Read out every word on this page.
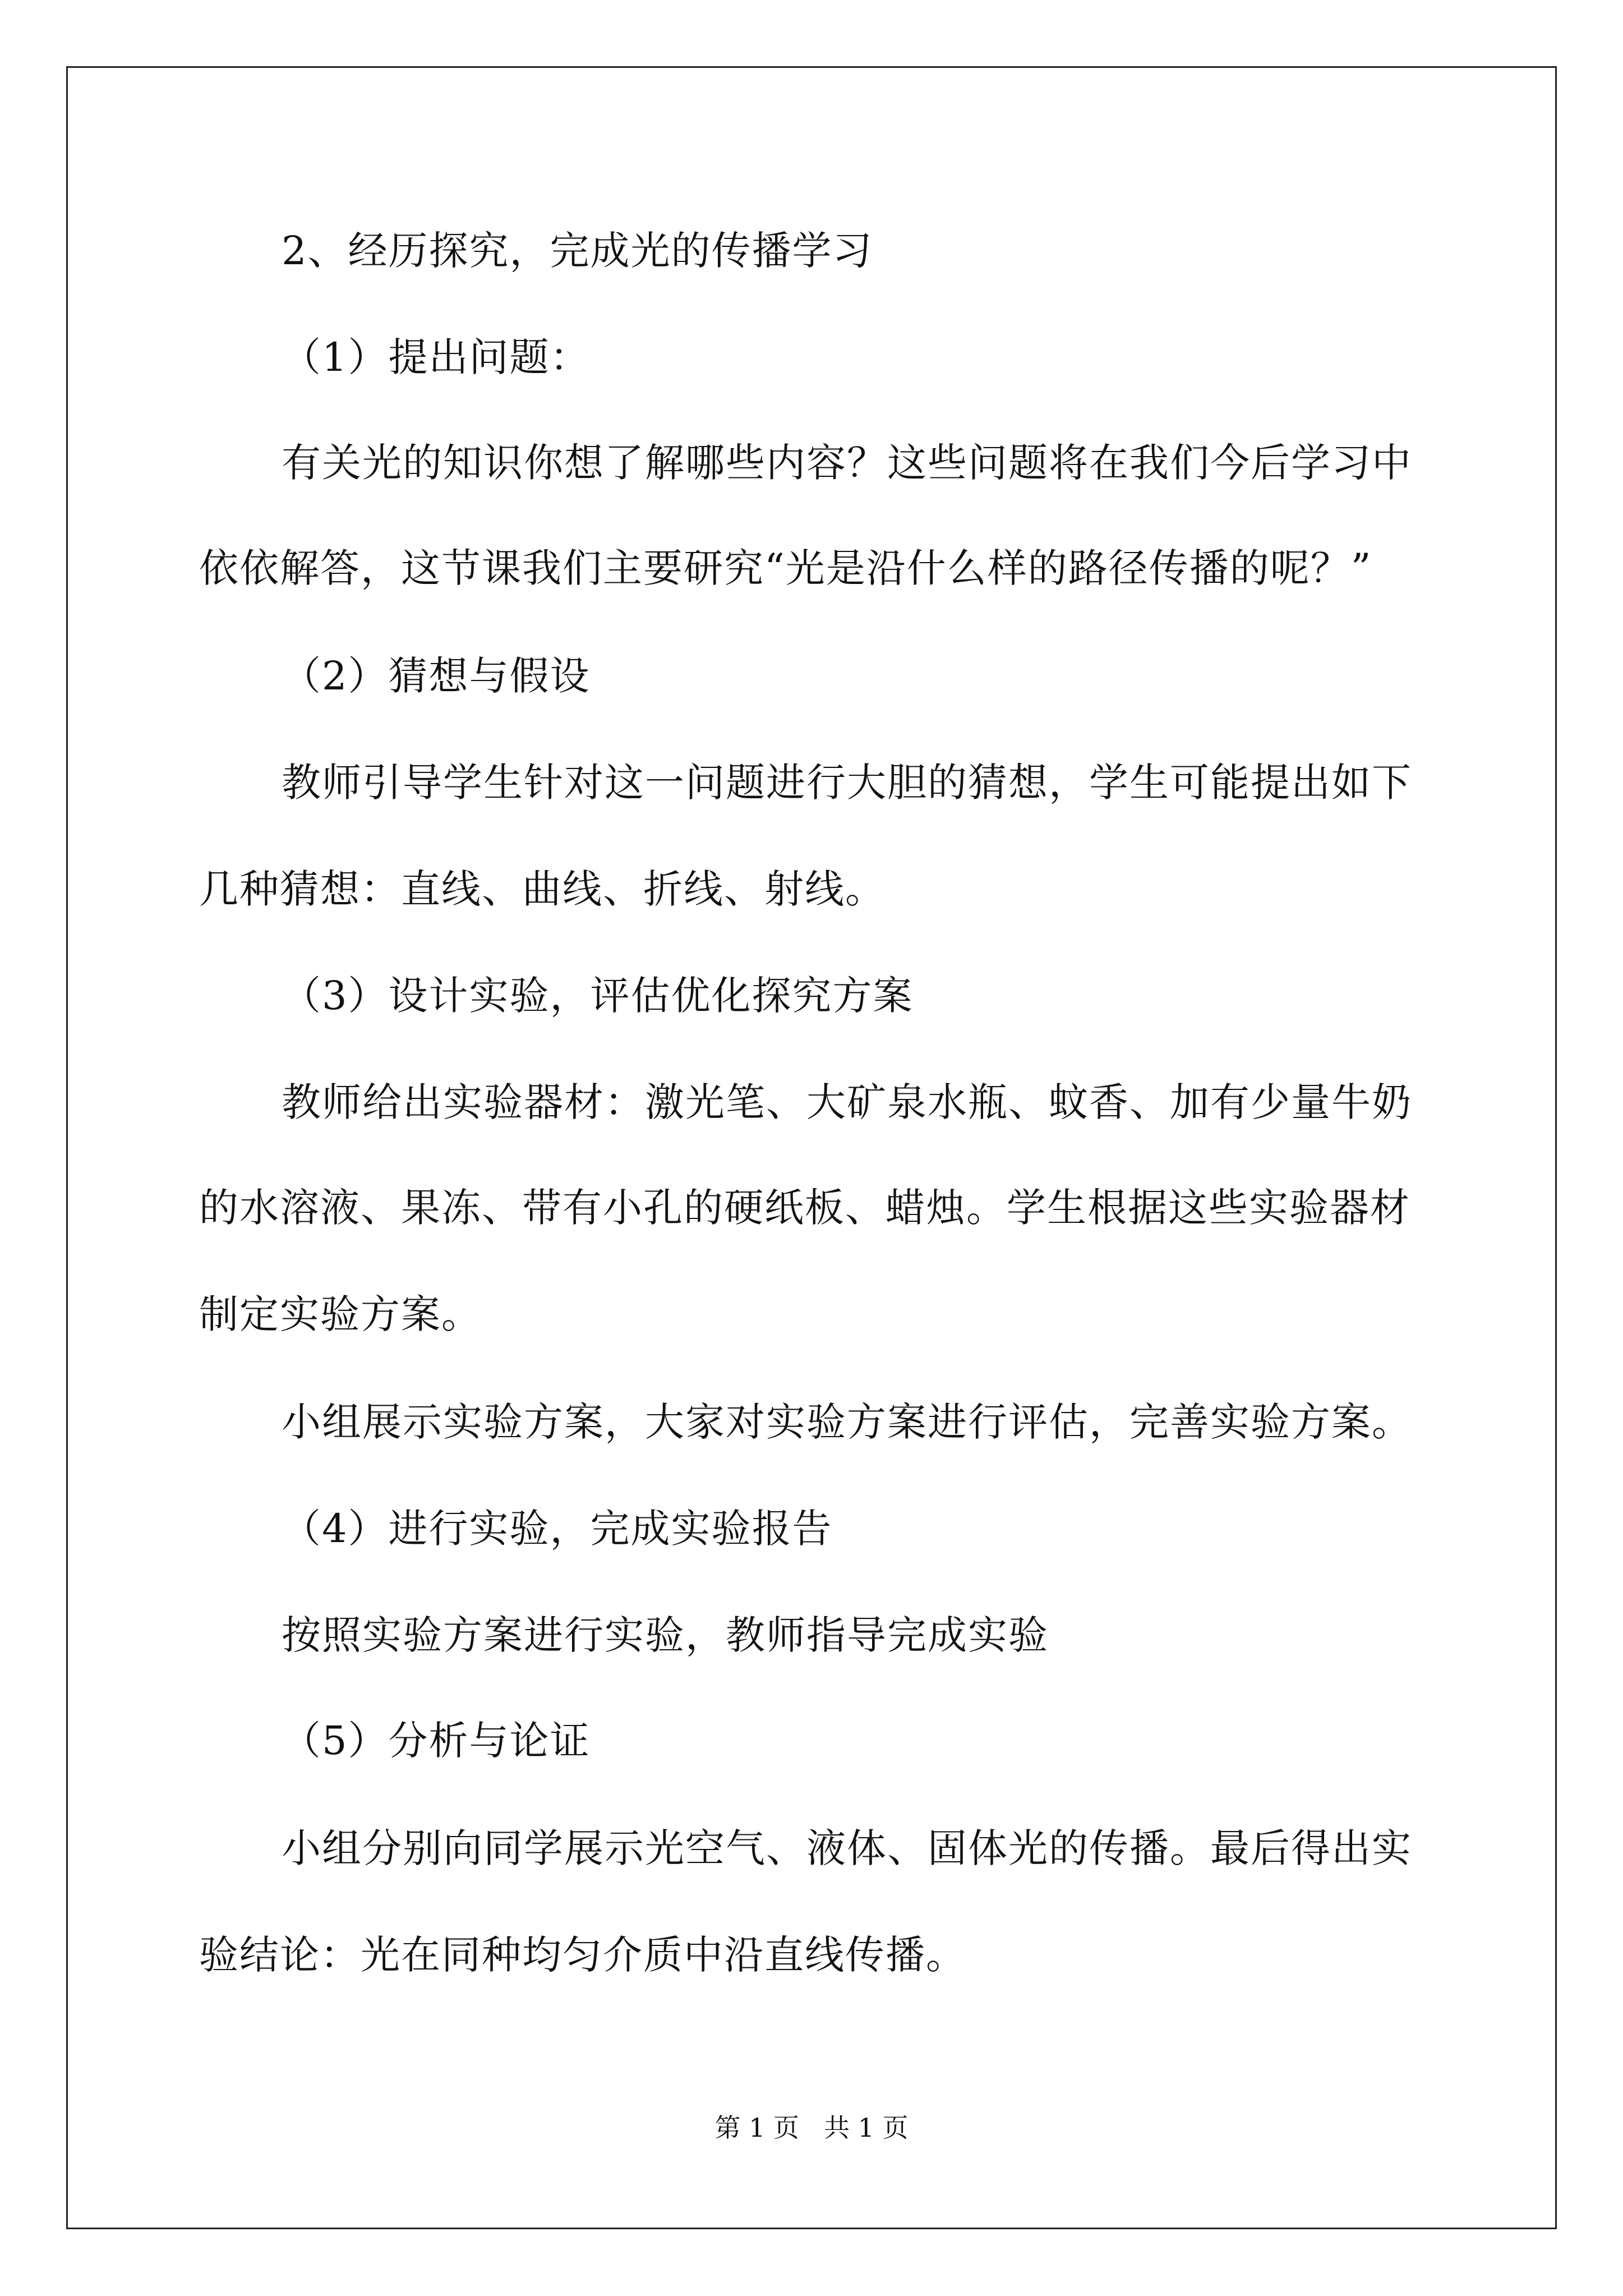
2、经历探究，完成光的传播学习
（1）提出问题：
有关光的知识你想了解哪些内容？这些问题将在我们今后学习中
依依解答，这节课我们主要研究“光是沿什么样的路径传播的呢？”
（2）猜想与假设
教师引导学生针对这一问题进行大胆的猜想，学生可能提出如下
几种猜想：直线、曲线、折线、射线。
（3）设计实验，评估优化探究方案
教师给出实验器材：激光笔、大矿泉水瓶、蚊香、加有少量牛奶
的水溶液、果冻、带有小孔的硬纸板、蜡烛。学生根据这些实验器材
制定实验方案。
小组展示实验方案，大家对实验方案进行评估，完善实验方案。
（4）进行实验，完成实验报告
按照实验方案进行实验，教师指导完成实验
（5）分析与论证
小组分别向同学展示光空气、液体、固体光的传播。最后得出实
验结论：光在同种均匀介质中沿直线传播。
第 1 页 共 1 页
